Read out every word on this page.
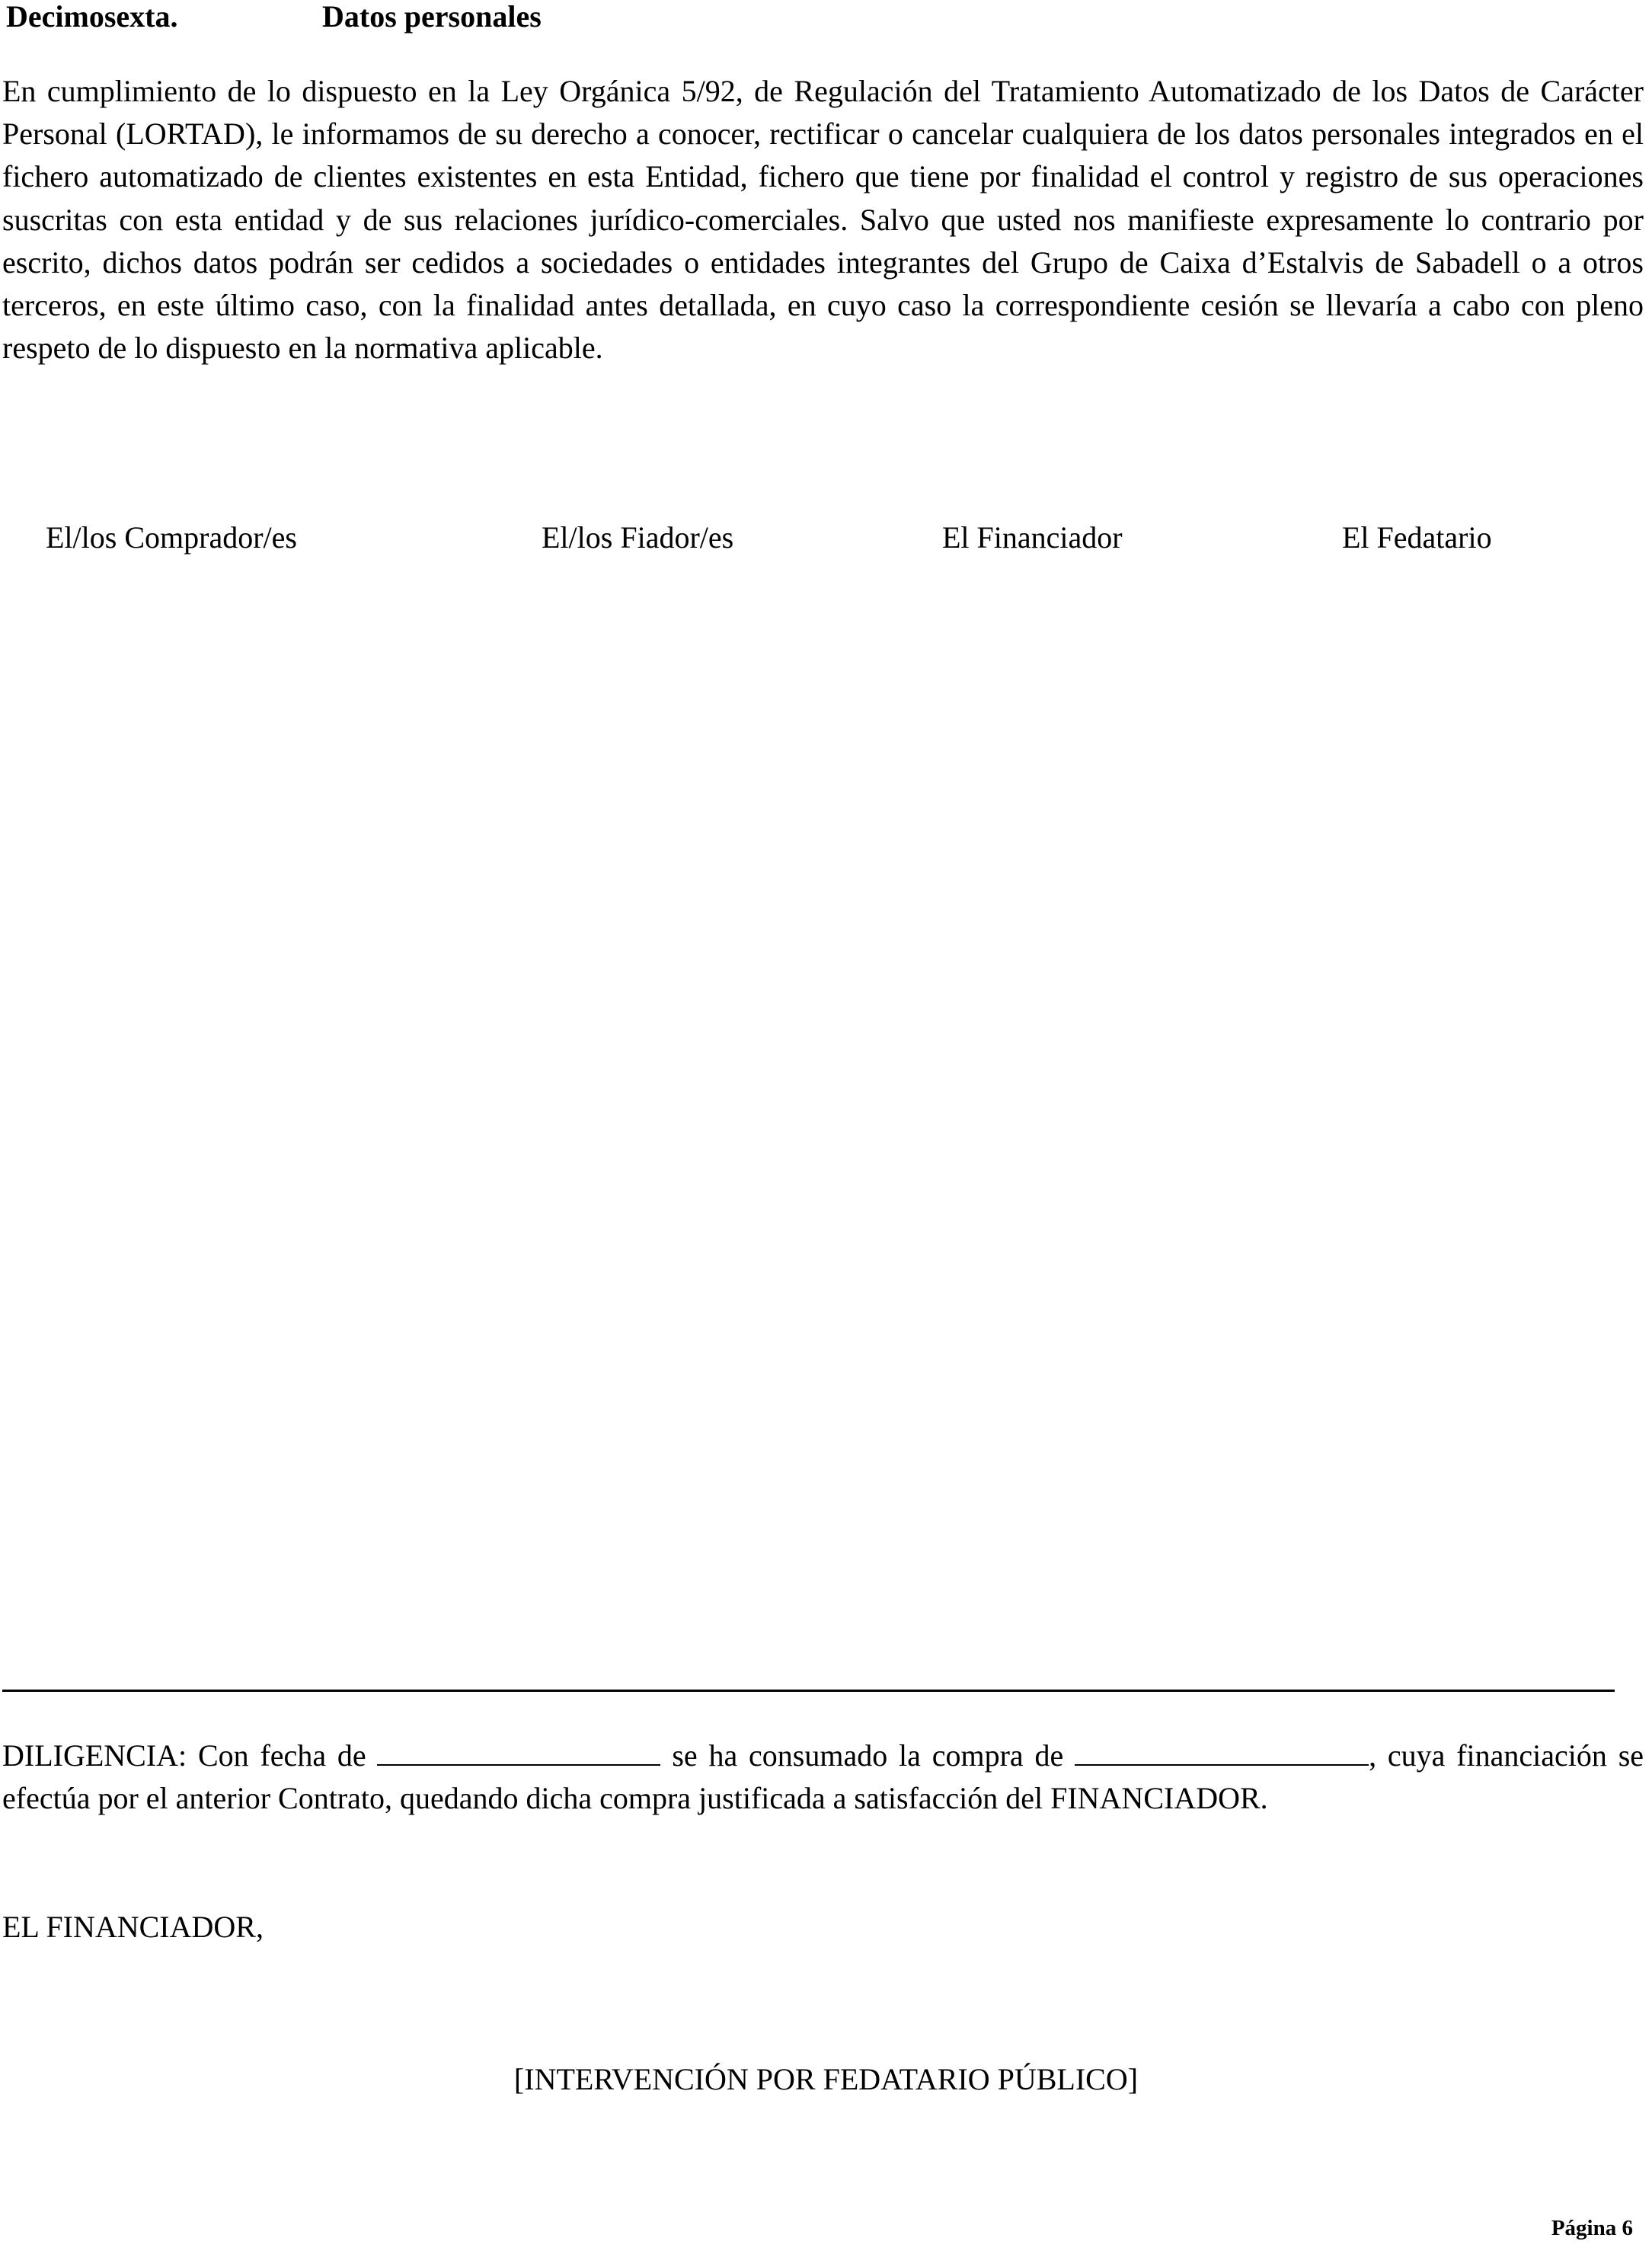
Decimosexta.	Datos personales

En cumplimiento de lo dispuesto en la Ley Orgánica 5/92, de Regulación del Tratamiento Automatizado de los Datos de Carácter Personal (LORTAD), le informamos de su derecho a conocer, rectificar o cancelar cualquiera de los datos personales integrados en el fichero automatizado de clientes existentes en esta Entidad, fichero que tiene por finalidad el control y registro de sus operaciones suscritas con esta entidad y de sus relaciones jurídico-comerciales. Salvo que usted nos manifieste expresamente lo contrario por escrito, dichos datos podrán ser cedidos a sociedades o entidades integrantes del Grupo de Caixa d’Estalvis de Sabadell o a otros terceros, en este último caso, con la finalidad antes detallada, en cuyo caso la correspondiente cesión se llevaría a cabo con pleno respeto de lo dispuesto en la normativa aplicable.

El/los Comprador/es	El/los Fiador/es	El Financiador	El Fedatario

DILIGENCIA: Con fecha de	se ha consumado la compra de	, cuya financiación se efectúa por el anterior Contrato, quedando dicha compra justificada a satisfacción del FINANCIADOR.

EL FINANCIADOR,
[INTERVENCIÓN POR FEDATARIO PÚBLICO]
Página 6
